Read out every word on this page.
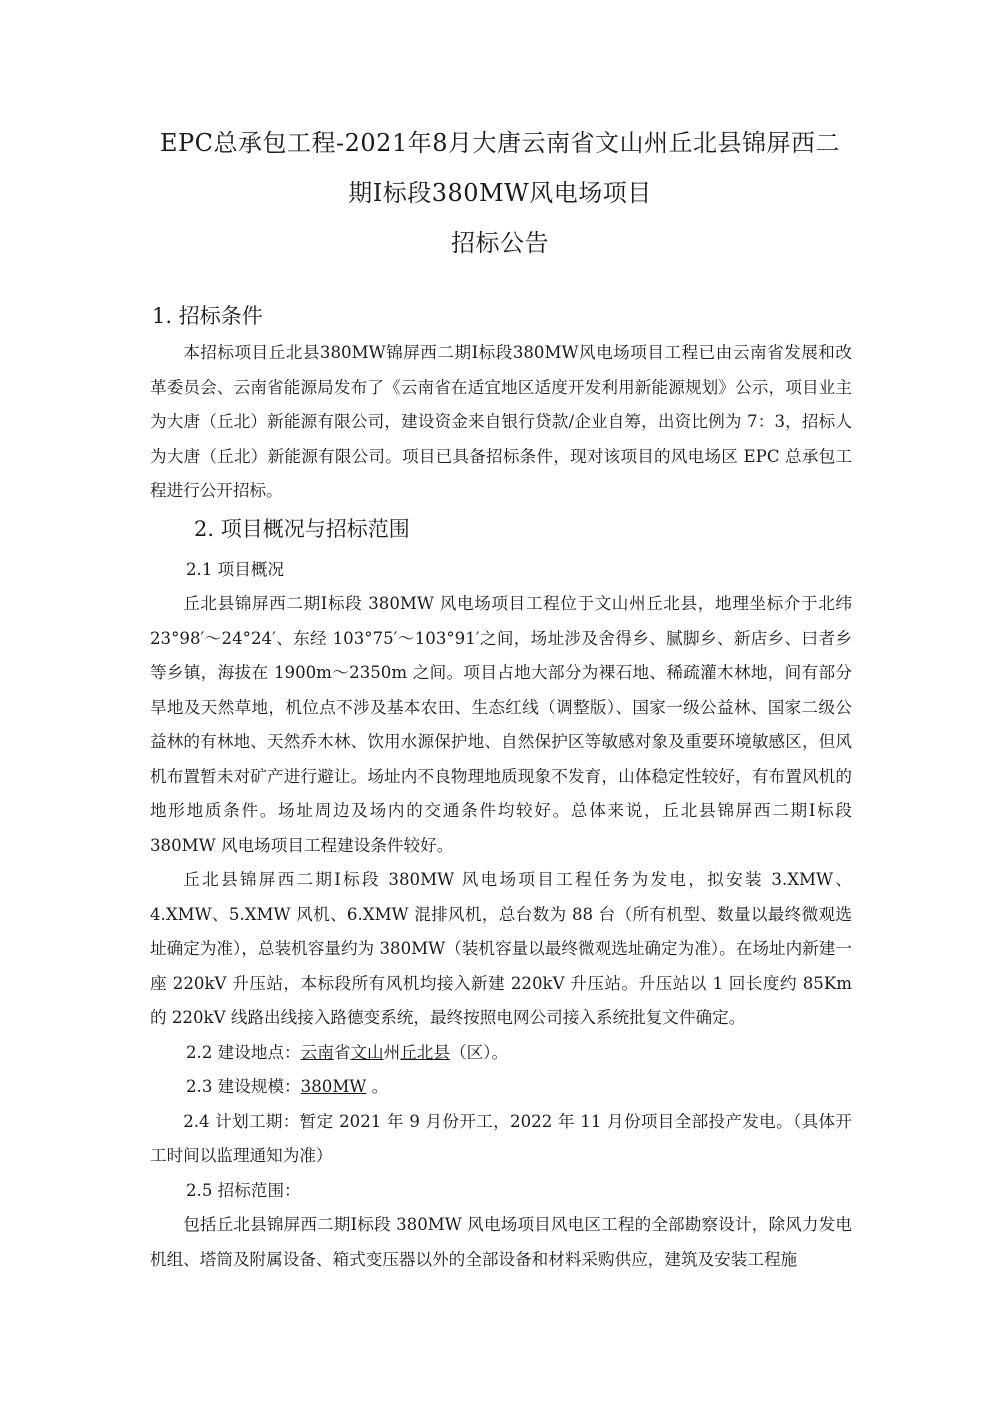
EPC总承包工程-2021年8月大唐云南省文山州丘北县锦屏西二
期Ⅰ标段380MW风电场项目
招标公告

1. 招标条件

本招标项目丘北县380MW锦屏西二期Ⅰ标段380MW风电场项目工程已由云南省发展和改革委员会、云南省能源局发布了《云南省在适宜地区适度开发利用新能源规划》公示，项目业主为大唐（丘北）新能源有限公司，建设资金来自银行贷款/企业自筹，出资比例为 7：3，招标人为大唐（丘北）新能源有限公司。项目已具备招标条件，现对该项目的风电场区 EPC 总承包工程进行公开招标。

2. 项目概况与招标范围

2.1 项目概况

丘北县锦屏西二期Ⅰ标段 380MW 风电场项目工程位于文山州丘北县，地理坐标介于北纬 23°98′～24°24′、东经 103°75′～103°91′之间，场址涉及舍得乡、腻脚乡、新店乡、曰者乡等乡镇，海拔在 1900m～2350m 之间。项目占地大部分为裸石地、稀疏灌木林地，间有部分旱地及天然草地，机位点不涉及基本农田、生态红线（调整版）、国家一级公益林、国家二级公益林的有林地、天然乔木林、饮用水源保护地、自然保护区等敏感对象及重要环境敏感区，但风机布置暂未对矿产进行避让。场址内不良物理地质现象不发育，山体稳定性较好，有布置风机的地形地质条件。场址周边及场内的交通条件均较好。总体来说，丘北县锦屏西二期Ⅰ标段 380MW 风电场项目工程建设条件较好。

丘北县锦屏西二期Ⅰ标段 380MW 风电场项目工程任务为发电，拟安装 3.XMW、4.XMW、5.XMW 风机、6.XMW 混排风机，总台数为 88 台（所有机型、数量以最终微观选址确定为准），总装机容量约为 380MW（装机容量以最终微观选址确定为准）。在场址内新建一座 220kV 升压站，本标段所有风机均接入新建 220kV 升压站。升压站以 1 回长度约 85Km 的 220kV 线路出线接入路德变系统，最终按照电网公司接入系统批复文件确定。

2.2 建设地点：云南省文山州丘北县（区）。

2.3 建设规模：380MW 。

2.4 计划工期：暂定 2021 年 9 月份开工，2022 年 11 月份项目全部投产发电。（具体开工时间以监理通知为准）

2.5 招标范围：

包括丘北县锦屏西二期Ⅰ标段 380MW 风电场项目风电区工程的全部勘察设计，除风力发电机组、塔筒及附属设备、箱式变压器以外的全部设备和材料采购供应，建筑及安装工程施
